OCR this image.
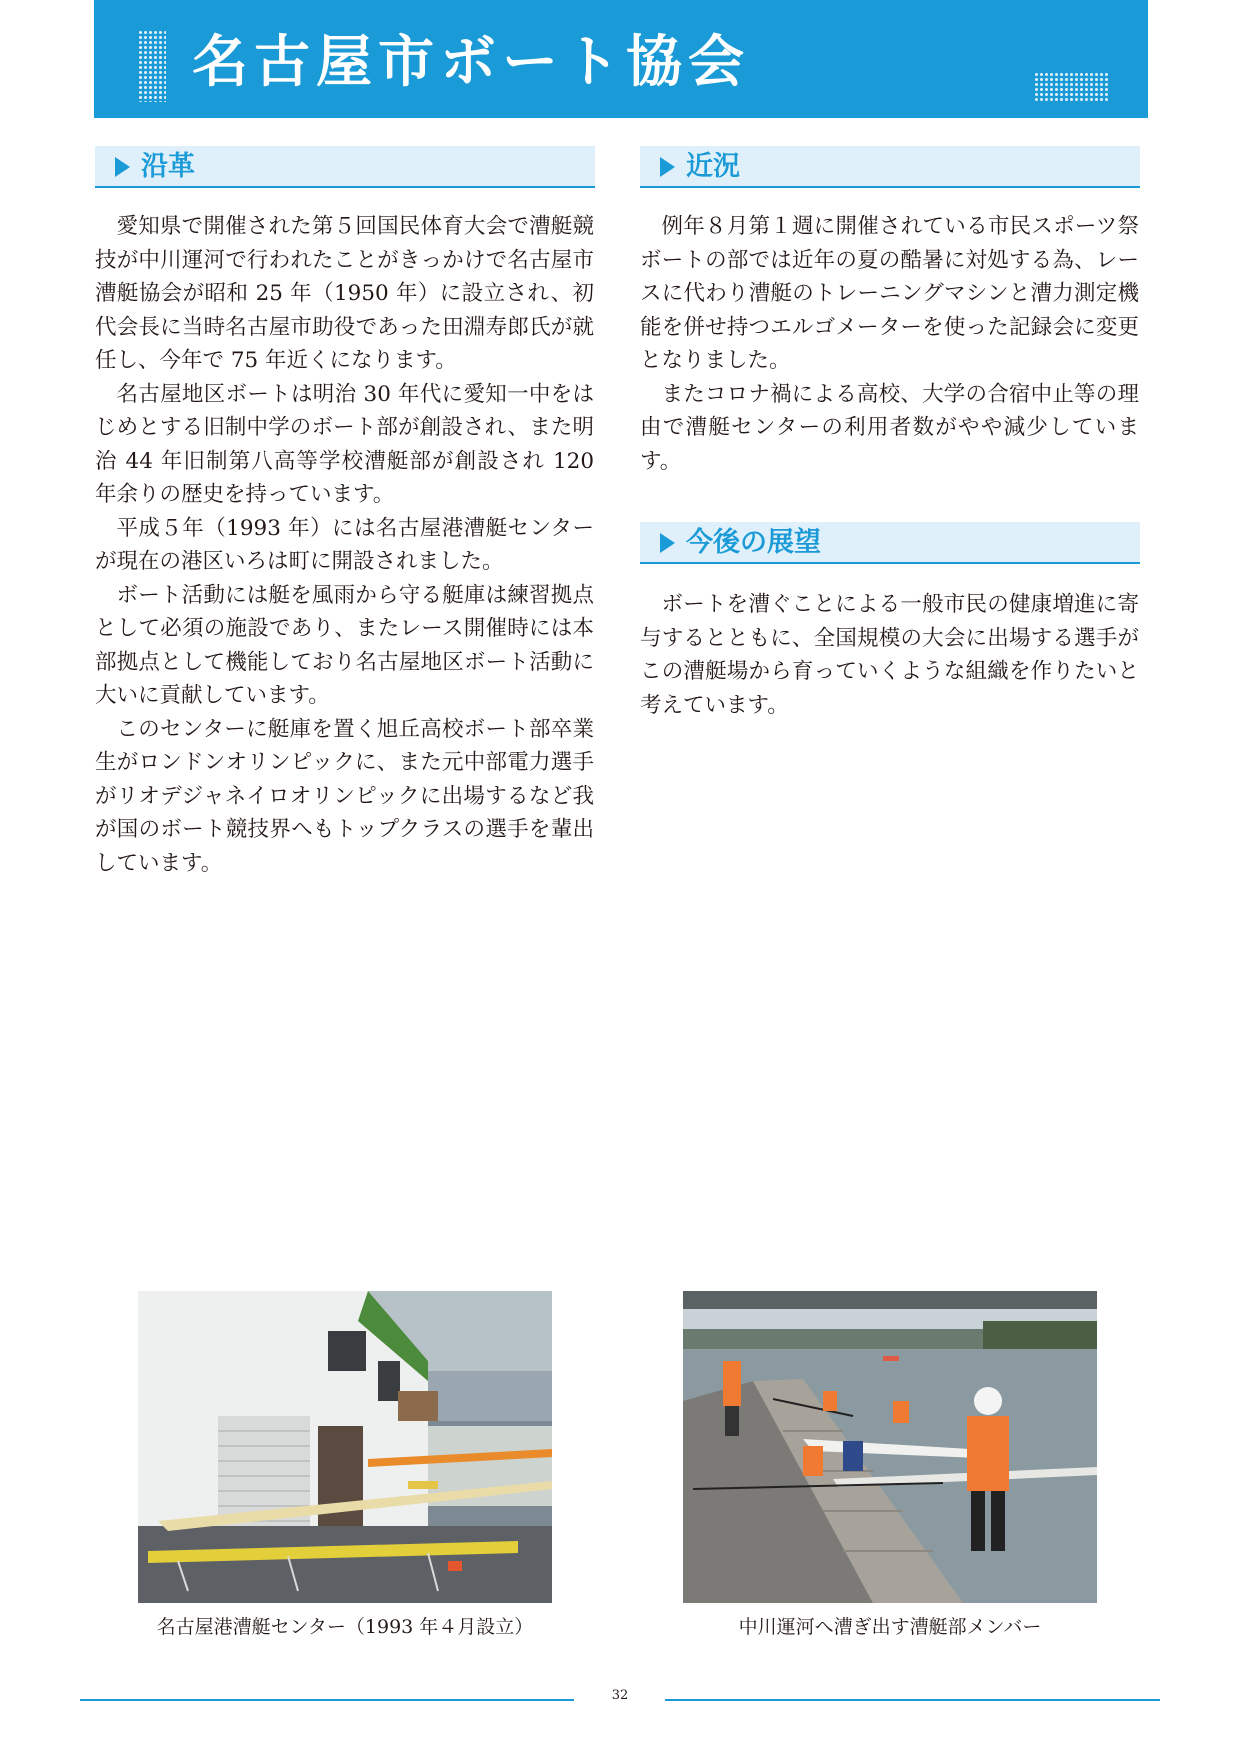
名古屋市ボート協会
沿革

愛知県で開催された第５回国民体育大会で漕艇競技が中川運河で行われたことがきっかけで名古屋市漕艇協会が昭和 25 年（1950 年）に設立され、初代会長に当時名古屋市助役であった田淵寿郎氏が就任し、今年で 75 年近くになります。

名古屋地区ボートは明治 30 年代に愛知一中をはじめとする旧制中学のボート部が創設され、また明治 44 年旧制第八高等学校漕艇部が創設され 120 年余りの歴史を持っています。

平成５年（1993 年）には名古屋港漕艇センターが現在の港区いろは町に開設されました。

ボート活動には艇を風雨から守る艇庫は練習拠点として必須の施設であり、またレース開催時には本部拠点として機能しており名古屋地区ボート活動に大いに貢献しています。

このセンターに艇庫を置く旭丘高校ボート部卒業生がロンドンオリンピックに、また元中部電力選手がリオデジャネイロオリンピックに出場するなど我が国のボート競技界へもトップクラスの選手を輩出しています。

近況

例年８月第１週に開催されている市民スポーツ祭ボートの部では近年の夏の酷暑に対処する為、レースに代わり漕艇のトレーニングマシンと漕力測定機能を併せ持つエルゴメーターを使った記録会に変更となりました。

またコロナ禍による高校、大学の合宿中止等の理由で漕艇センターの利用者数がやや減少しています。

今後の展望

ボートを漕ぐことによる一般市民の健康増進に寄与するとともに、全国規模の大会に出場する選手がこの漕艇場から育っていくような組織を作りたいと考えています。

名古屋港漕艇センター（1993 年４月設立）	中川運河へ漕ぎ出す漕艇部メンバー
32
